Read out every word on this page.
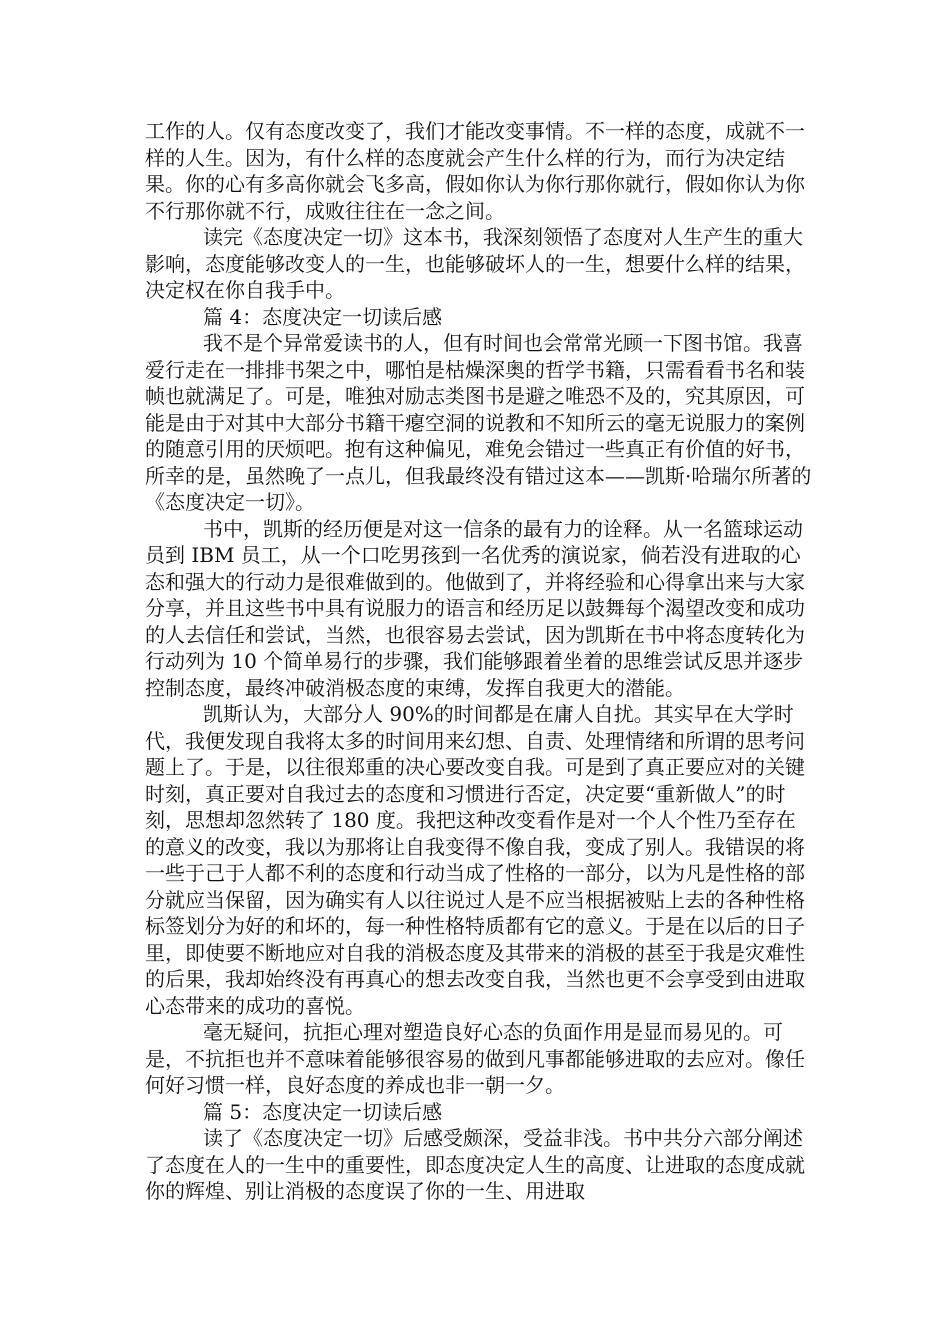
工作的人。仅有态度改变了，我们才能改变事情。不一样的态度，成就不一样的人生。因为，有什么样的态度就会产生什么样的行为，而行为决定结果。你的心有多高你就会飞多高，假如你认为你行那你就行，假如你认为你不行那你就不行，成败往往在一念之间。

读完《态度决定一切》这本书，我深刻领悟了态度对人生产生的重大影响，态度能够改变人的一生，也能够破坏人的一生，想要什么样的结果，决定权在你自我手中。

篇 4：态度决定一切读后感

我不是个异常爱读书的人，但有时间也会常常光顾一下图书馆。我喜爱行走在一排排书架之中，哪怕是枯燥深奥的哲学书籍，只需看看书名和装帧也就满足了。可是，唯独对励志类图书是避之唯恐不及的，究其原因，可能是由于对其中大部分书籍干瘪空洞的说教和不知所云的毫无说服力的案例的随意引用的厌烦吧。抱有这种偏见，难免会错过一些真正有价值的好书，所幸的是，虽然晚了一点儿，但我最终没有错过这本——凯斯·哈瑞尔所著的《态度决定一切》。

书中，凯斯的经历便是对这一信条的最有力的诠释。从一名篮球运动员到 IBM 员工，从一个口吃男孩到一名优秀的演说家，倘若没有进取的心态和强大的行动力是很难做到的。他做到了，并将经验和心得拿出来与大家分享，并且这些书中具有说服力的语言和经历足以鼓舞每个渴望改变和成功的人去信任和尝试，当然，也很容易去尝试，因为凯斯在书中将态度转化为行动列为 10 个简单易行的步骤，我们能够跟着坐着的思维尝试反思并逐步控制态度，最终冲破消极态度的束缚，发挥自我更大的潜能。

凯斯认为，大部分人 90%的时间都是在庸人自扰。其实早在大学时代，我便发现自我将太多的时间用来幻想、自责、处理情绪和所谓的思考问题上了。于是，以往很郑重的决心要改变自我。可是到了真正要应对的关键时刻，真正要对自我过去的态度和习惯进行否定，决定要“重新做人”的时刻，思想却忽然转了 180 度。我把这种改变看作是对一个人个性乃至存在的意义的改变，我以为那将让自我变得不像自我，变成了别人。我错误的将一些于己于人都不利的态度和行动当成了性格的一部分，以为凡是性格的部分就应当保留，因为确实有人以往说过人是不应当根据被贴上去的各种性格标签划分为好的和坏的，每一种性格特质都有它的意义。于是在以后的日子里，即使要不断地应对自我的消极态度及其带来的消极的甚至于我是灾难性的后果，我却始终没有再真心的想去改变自我，当然也更不会享受到由进取心态带来的成功的喜悦。

毫无疑问，抗拒心理对塑造良好心态的负面作用是显而易见的。可是，不抗拒也并不意味着能够很容易的做到凡事都能够进取的去应对。像任何好习惯一样，良好态度的养成也非一朝一夕。

篇 5：态度决定一切读后感

读了《态度决定一切》后感受颇深，受益非浅。书中共分六部分阐述了态度在人的一生中的重要性，即态度决定人生的高度、让进取的态度成就你的辉煌、别让消极的态度误了你的一生、用进取
